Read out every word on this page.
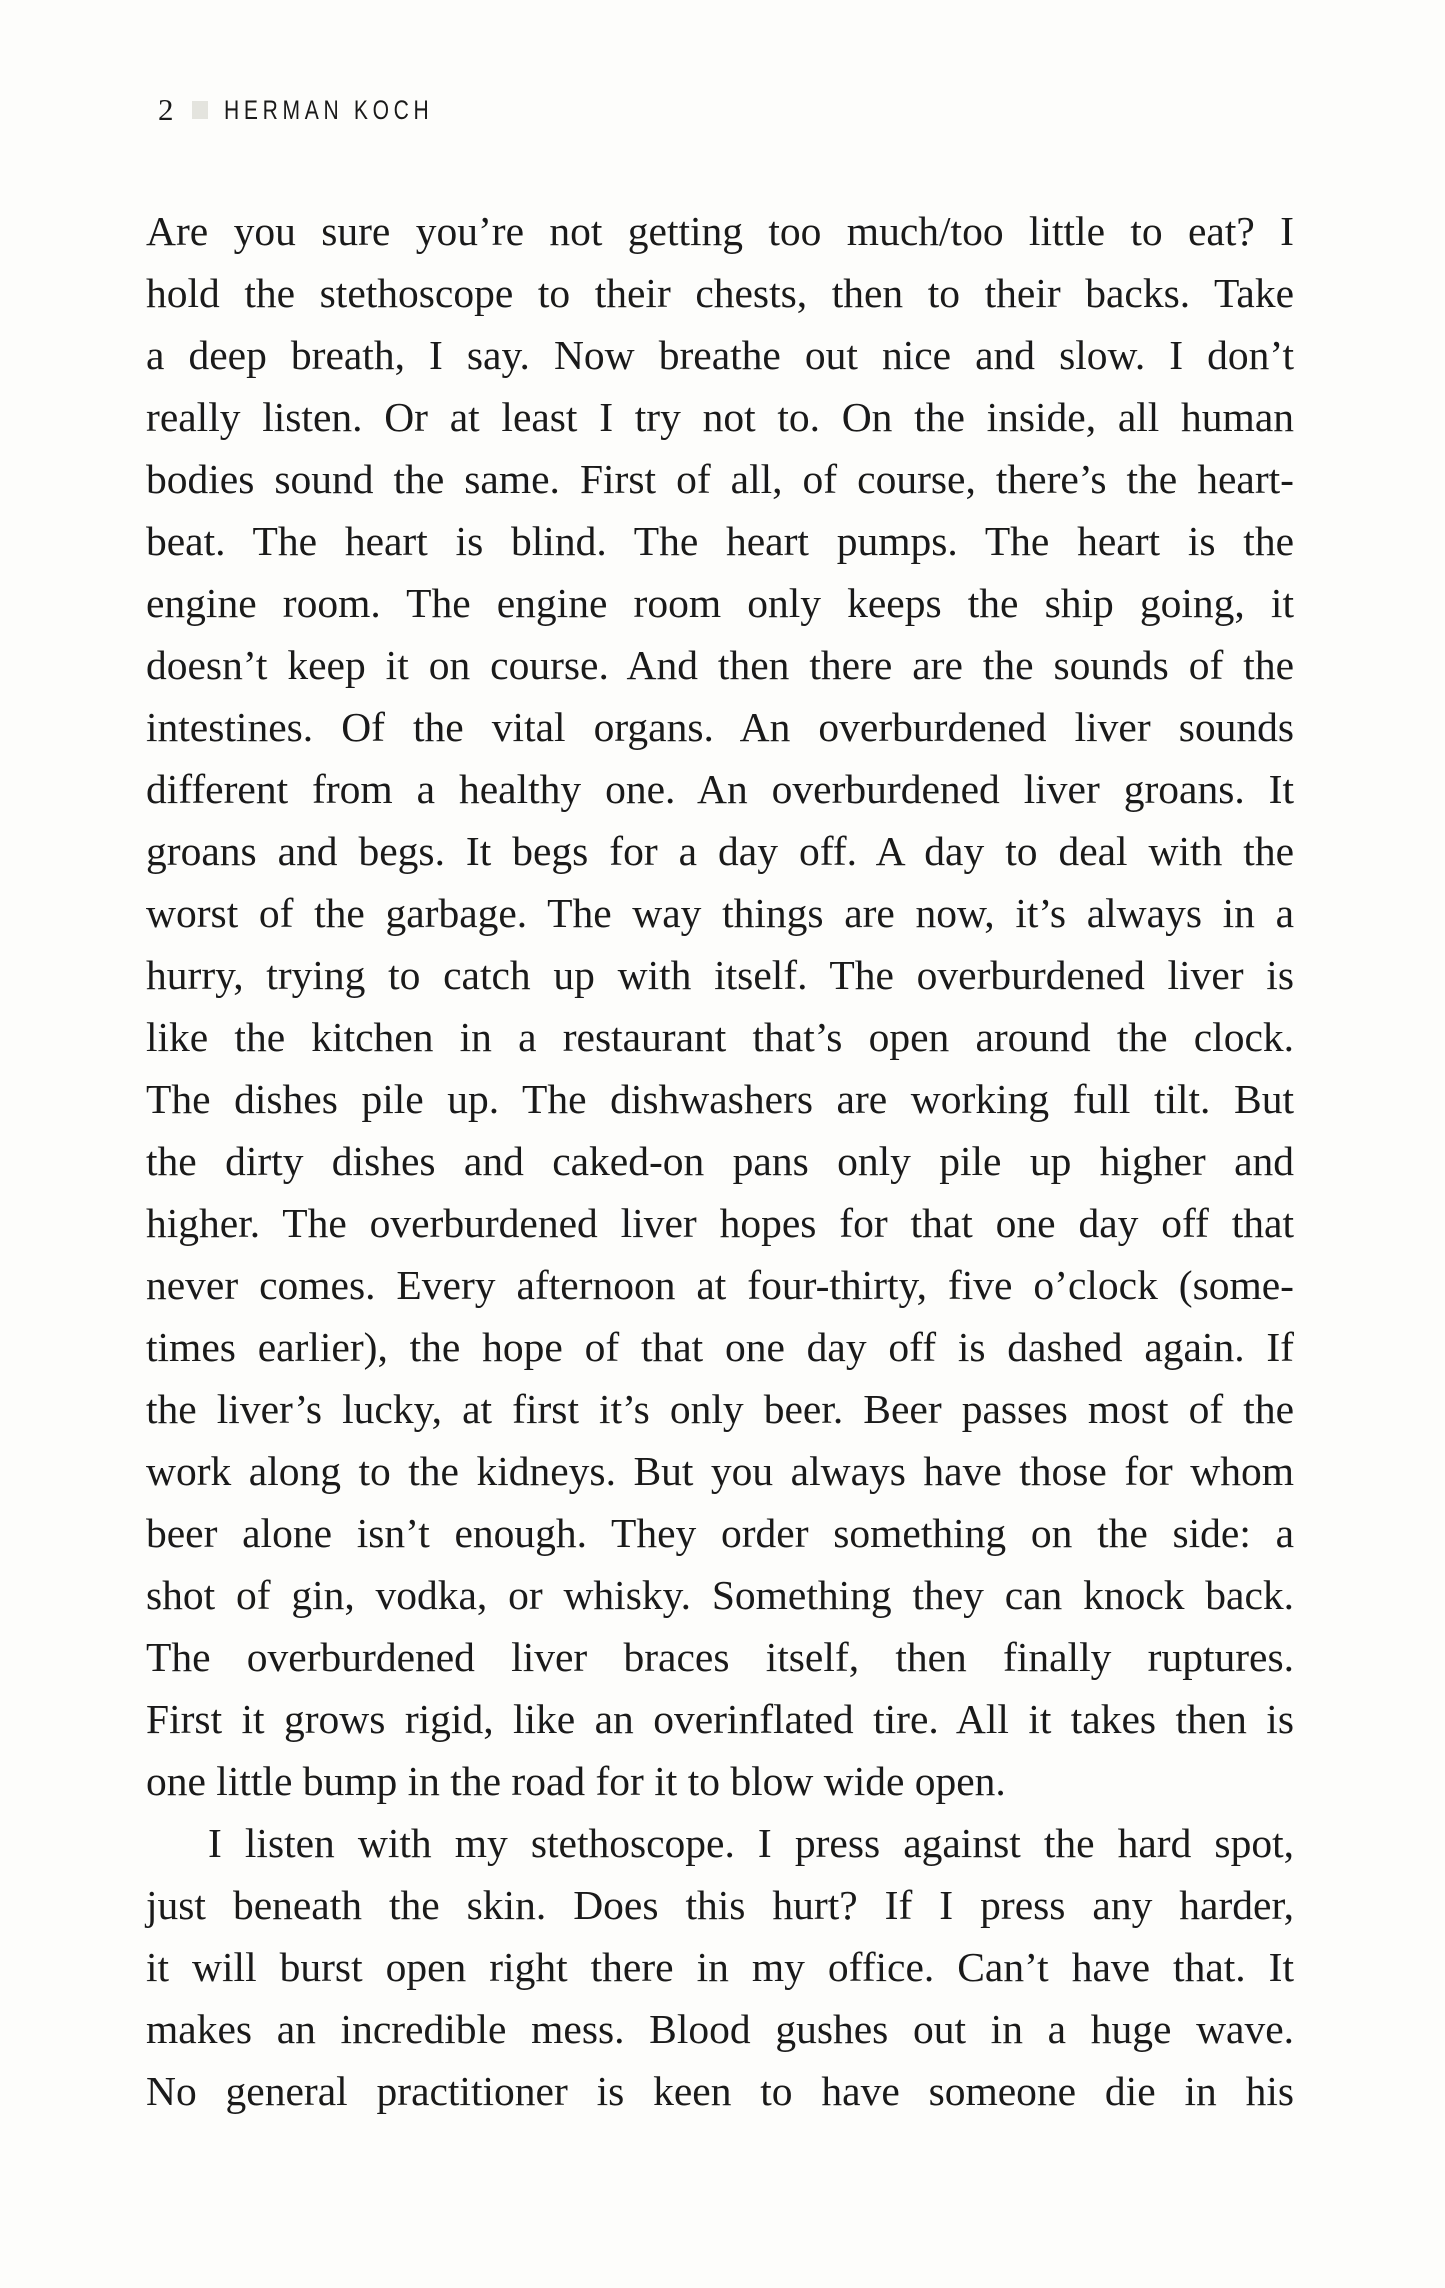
2 HERMAN KOCH
Are you sure you’re not getting too much/too little to eat? I
hold the stethoscope to their chests, then to their backs. Take
a deep breath, I say. Now breathe out nice and slow. I don’t
really listen. Or at least I try not to. On the inside, all human
bodies sound the same. First of all, of course, there’s the heart-
beat. The heart is blind. The heart pumps. The heart is the
engine room. The engine room only keeps the ship going, it
doesn’t keep it on course. And then there are the sounds of the
intestines. Of the vital organs. An overburdened liver sounds
different from a healthy one. An overburdened liver groans. It
groans and begs. It begs for a day off. A day to deal with the
worst of the garbage. The way things are now, it’s always in a
hurry, trying to catch up with itself. The overburdened liver is
like the kitchen in a restaurant that’s open around the clock.
The dishes pile up. The dishwashers are working full tilt. But
the dirty dishes and caked-on pans only pile up higher and
higher. The overburdened liver hopes for that one day off that
never comes. Every afternoon at four-thirty, five o’clock (some-
times earlier), the hope of that one day off is dashed again. If
the liver’s lucky, at first it’s only beer. Beer passes most of the
work along to the kidneys. But you always have those for whom
beer alone isn’t enough. They order something on the side: a
shot of gin, vodka, or whisky. Something they can knock back.
The overburdened liver braces itself, then finally ruptures.
First it grows rigid, like an overinflated tire. All it takes then is
one little bump in the road for it to blow wide open.
I listen with my stethoscope. I press against the hard spot,
just beneath the skin. Does this hurt? If I press any harder,
it will burst open right there in my office. Can’t have that. It
makes an incredible mess. Blood gushes out in a huge wave.
No general practitioner is keen to have someone die in his
